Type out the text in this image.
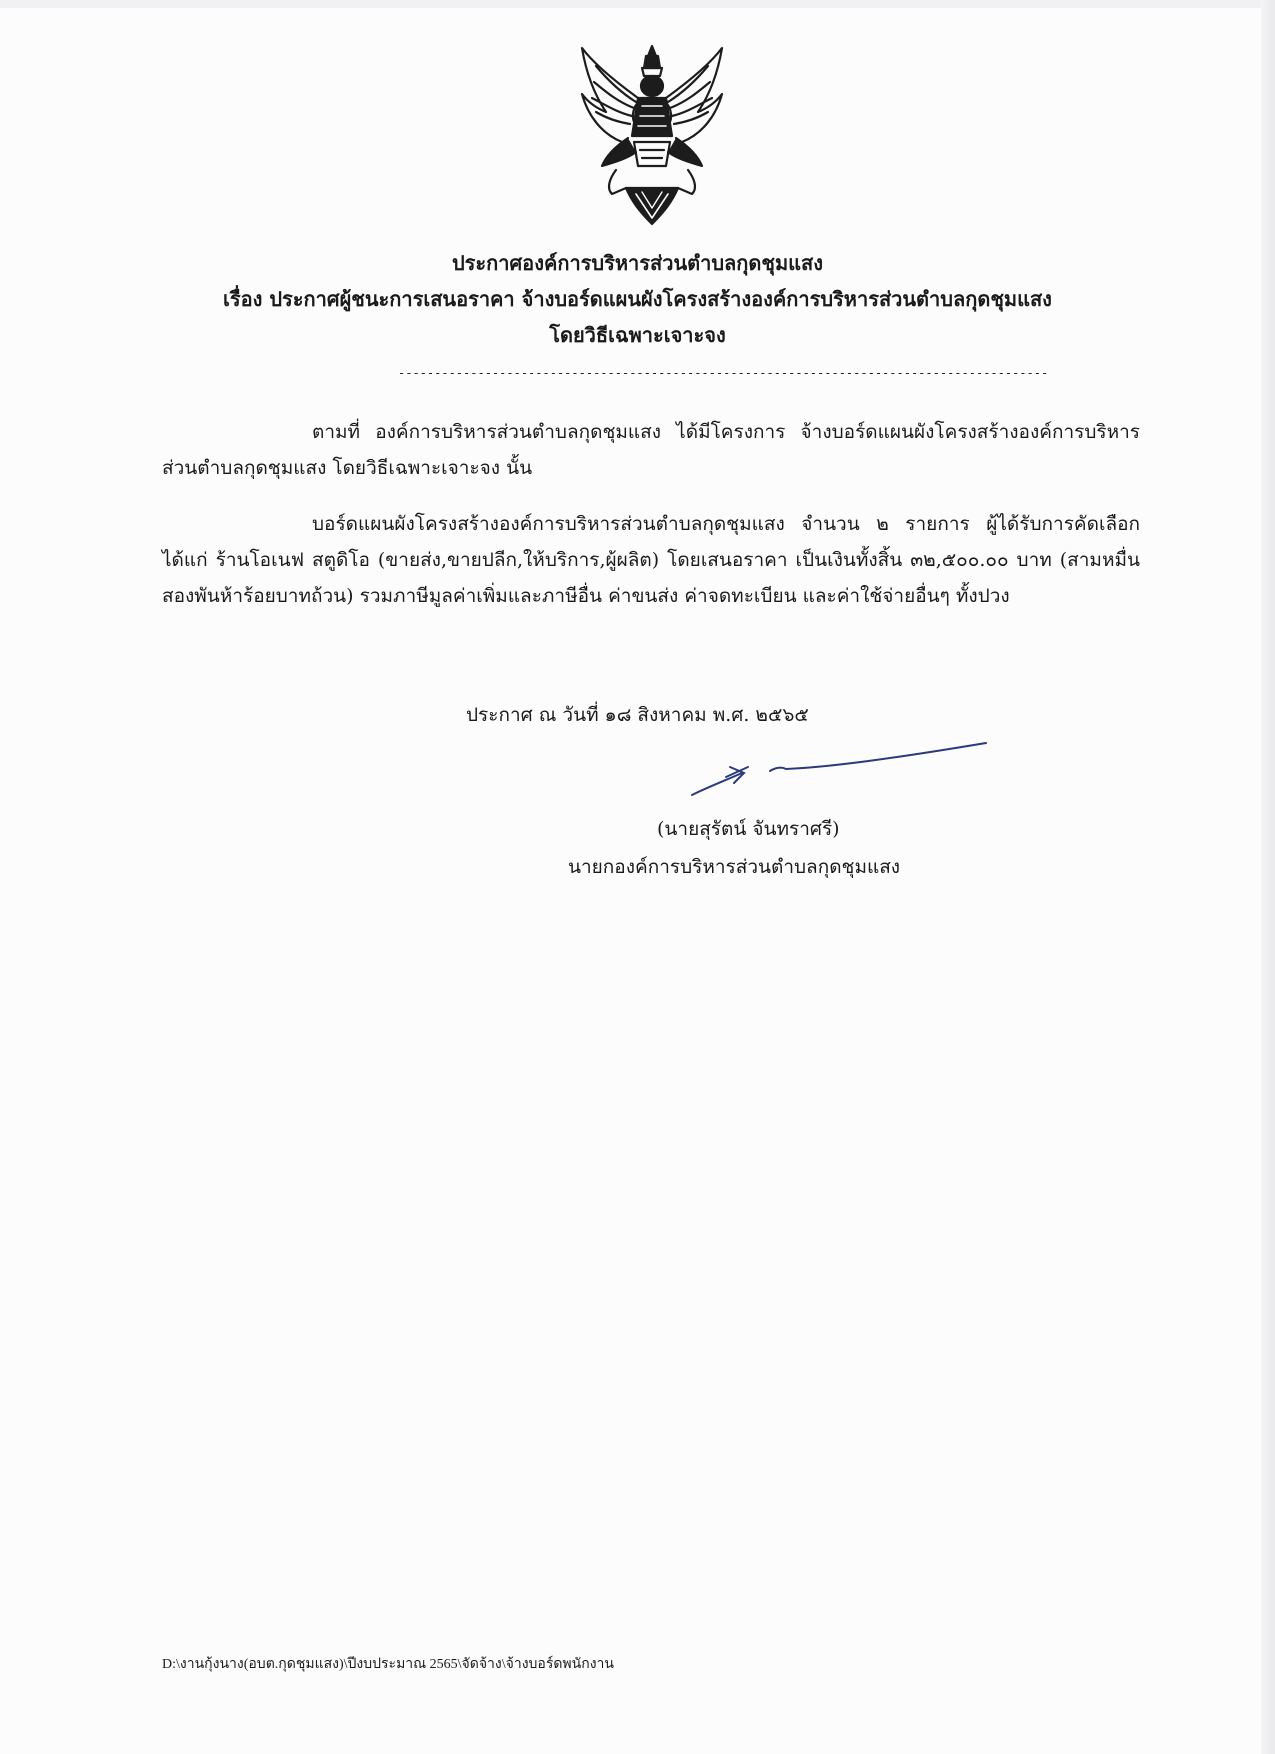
ประกาศองค์การบริหารส่วนตำบลกุดชุมแสง
เรื่อง ประกาศผู้ชนะการเสนอราคา จ้างบอร์ดแผนผังโครงสร้างองค์การบริหารส่วนตำบลกุดชุมแสง
โดยวิธีเฉพาะเจาะจง
------------------------------------------------------------------------------------------

ตามที่ องค์การบริหารส่วนตำบลกุดชุมแสง ได้มีโครงการ จ้างบอร์ดแผนผังโครงสร้างองค์การบริหารส่วนตำบลกุดชุมแสง โดยวิธีเฉพาะเจาะจง นั้น

บอร์ดแผนผังโครงสร้างองค์การบริหารส่วนตำบลกุดชุมแสง จำนวน ๒ รายการ ผู้ได้รับการคัดเลือก ได้แก่ ร้านโอเนฟ สตูดิโอ (ขายส่ง,ขายปลีก,ให้บริการ,ผู้ผลิต) โดยเสนอราคา เป็นเงินทั้งสิ้น ๓๒,๕๐๐.๐๐ บาท (สามหมื่นสองพันห้าร้อยบาทถ้วน) รวมภาษีมูลค่าเพิ่มและภาษีอื่น ค่าขนส่ง ค่าจดทะเบียน และค่าใช้จ่ายอื่นๆ ทั้งปวง

ประกาศ ณ วันที่ ๑๘ สิงหาคม พ.ศ. ๒๕๖๕
(นายสุรัตน์ จันทราศรี)
นายกองค์การบริหารส่วนตำบลกุดชุมแสง
D:\งานกุ้งนาง(อบต.กุดชุมแสง)\ปีงบประมาณ 2565\จัดจ้าง\จ้างบอร์ดพนักงาน
